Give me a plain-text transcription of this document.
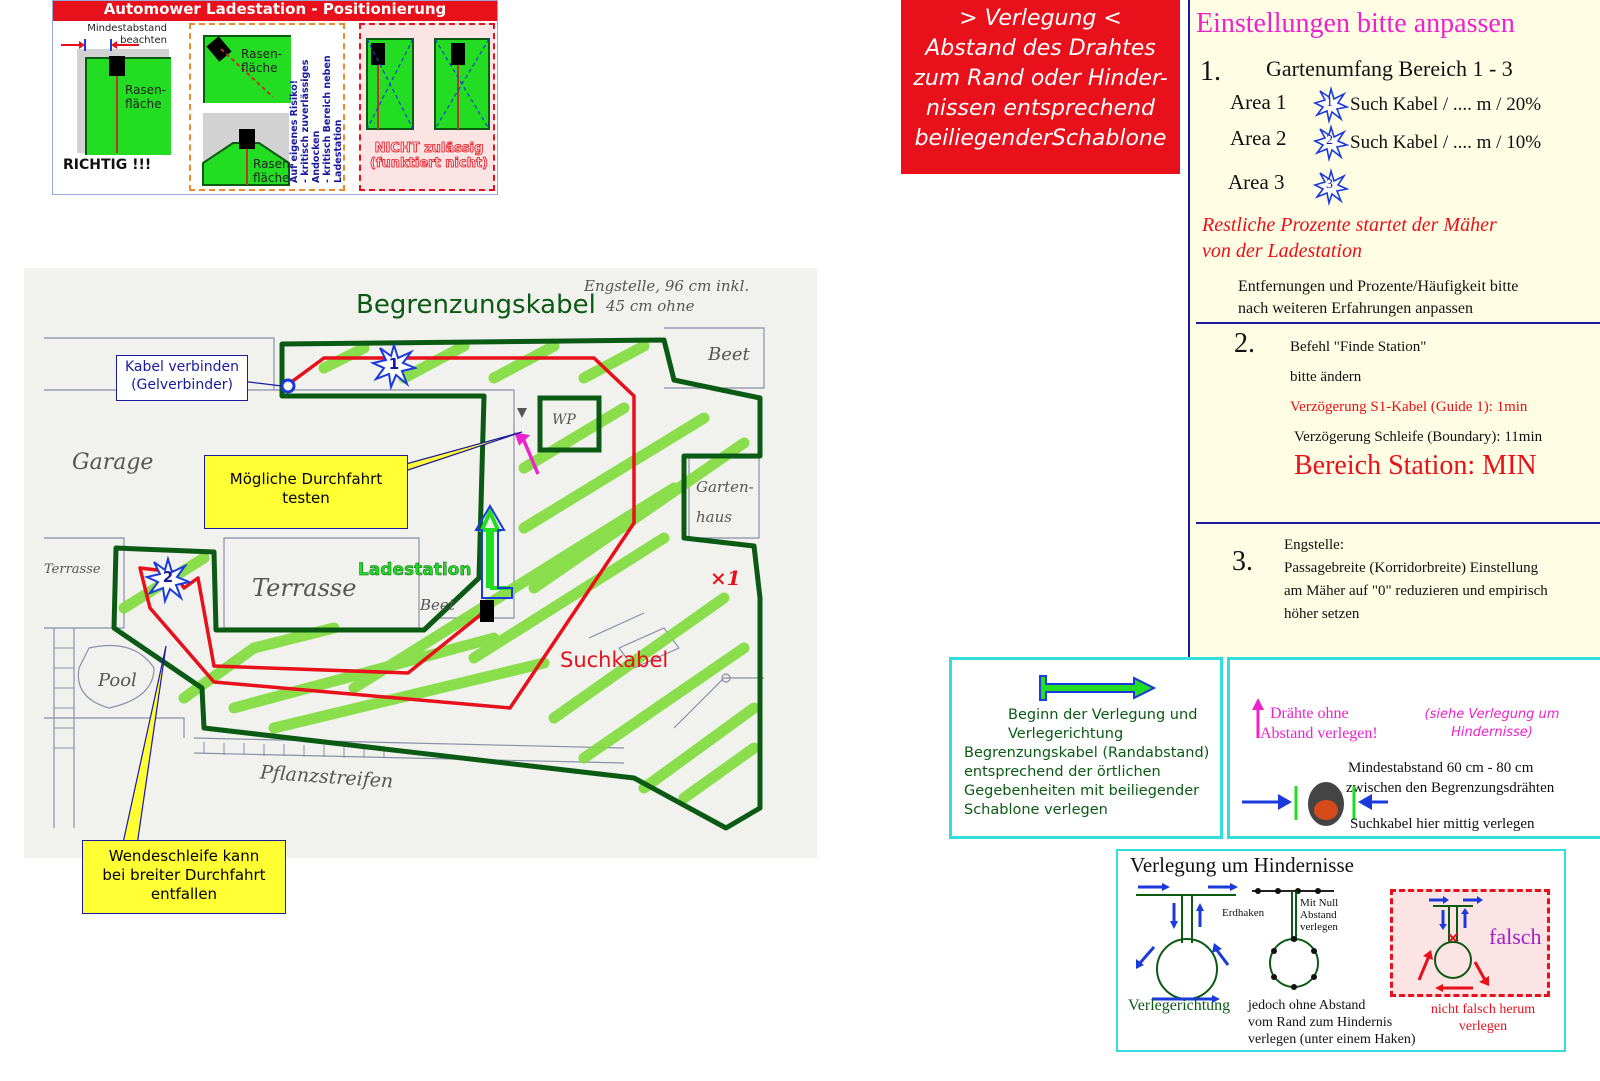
Automower Ladestation - Positionierung
Mindestabstand
beachten
Rasen-
fläche
RICHTIG !!!
Rasen-
fläche
Rasen-
fläche Auf eigenes Risiko! - kritisch zuverlässiges Andocken - kritisch Bereich neben Ladestation	NICHT zulässig
(funktiert nicht)
1
2
Engstelle, 96 cm inkl.
45 cm ohne
Beet
WP
Garage
Garten-
haus
Terrasse
Terrasse
Beet
Pool
Pflanzstreifen
×1
Begrenzungskabel
Suchkabel
Ladestation
Kabel verbinden
(Gelverbinder)
Mögliche Durchfahrt
testen
Wendeschleife kann
bei breiter Durchfahrt
entfallen
> Verlegung <
Abstand des Drahtes
zum Rand oder Hinder-
nissen entsprechend
beiliegenderSchablone
Einstellungen bitte anpassen
1. Gartenumfang Bereich 1 - 3
Area 1	1 Such Kabel / .... m / 20%
Area 2	2 Such Kabel / .... m / 10%
Area 3	3
Restliche Prozente startet der Mäher
von der Ladestation
Entfernungen und Prozente/Häufigkeit bitte
nach weiteren Erfahrungen anpassen
2. Befehl "Finde Station"
bitte ändern
Verzögerung S1-Kabel (Guide 1): 1min
Verzögerung Schleife (Boundary): 11min
Bereich Station: MIN
3.
Engstelle:
Passagebreite (Korridorbreite) Einstellung
am Mäher auf "0" reduzieren und empirisch
höher setzen
Beginn der Verlegung und
Verlegerichtung
Begrenzungskabel (Randabstand)
entsprechend der örtlichen
Gegebenheiten mit beiliegender
Schablone verlegen
Drähte ohne
Abstand verlegen!
(siehe Verlegung um
Hindernisse)
Mindestabstand 60 cm - 80 cm
zwischen den Begrenzungsdrähten
Suchkabel hier mittig verlegen
Verlegung um Hindernisse
Verlegerichtung
Erdhaken
Mit Null
Abstand
verlegen
jedoch ohne Abstand
vom Rand zum Hindernis
verlegen (unter einem Haken)
falsch
nicht falsch herum
verlegen
